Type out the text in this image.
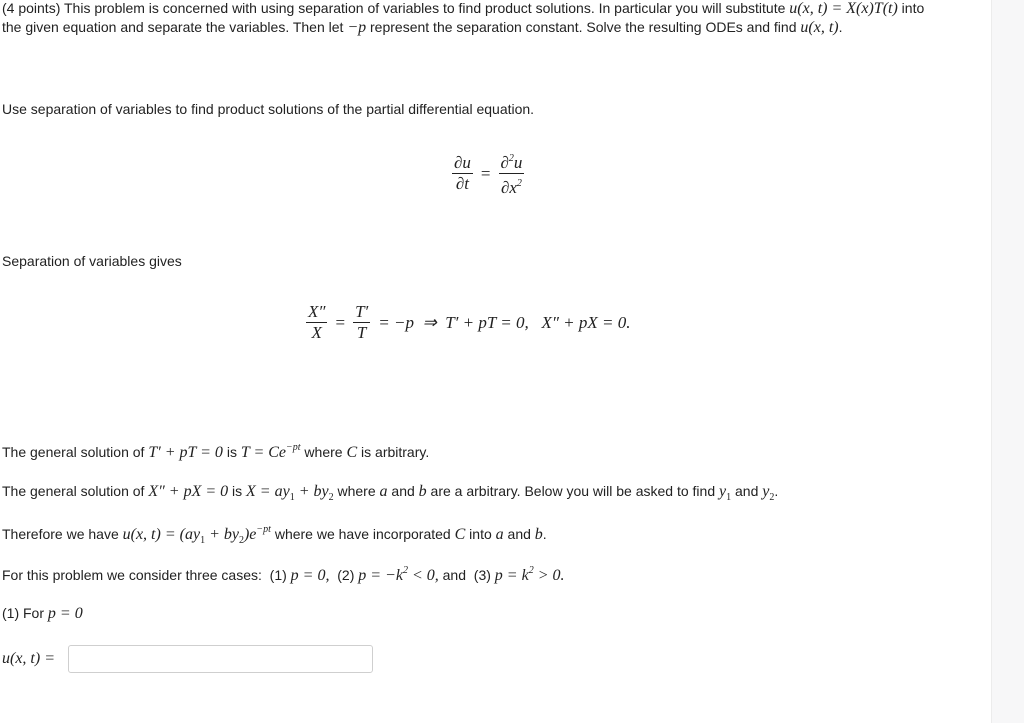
(4 points) This problem is concerned with using separation of variables to find product solutions. In particular you will substitute u(x, t) = X(x)T(t) into
the given equation and separate the variables. Then let −p represent the separation constant. Solve the resulting ODEs and find u(x, t).
Use separation of variables to find product solutions of the partial differential equation.
$\frac{\partial u}{\partial t} = \frac{\partial^2u}{\partial x^2}$
Separation of variables gives
$\frac{X''}{X} = \frac{T'}{T} = -p$  ⇒  T′ + pT = 0,   X″ + pX = 0.
The general solution of T′ + pT = 0 is $T = Ce^{-pt}$ where C is arbitrary.
The general solution of X″ + pX = 0 is $X = ay_1 + by_2$ where a and b are a arbitrary. Below you will be asked to find $y_1$ and $y_2$.
Therefore we have u(x, $t) = (ay_1 + by_2)e^{-pt}$ where we have incorporated C into a and b.
For this problem we consider three cases:  (1) p = 0,  (2) $p = -k^2 < 0$, and  (3) $p = k^2 > 0$.
(1) For p = 0
u(x, t) =
